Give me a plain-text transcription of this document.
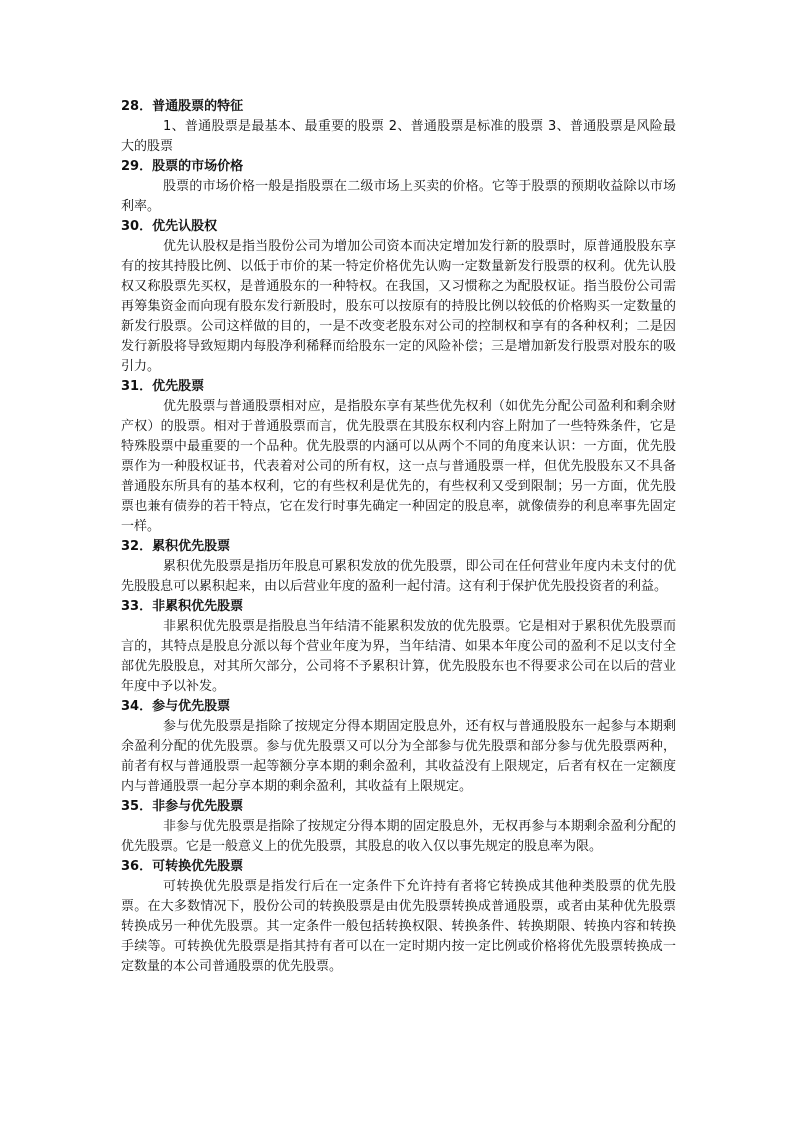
28．普通股票的特征

1、普通股票是最基本、最重要的股票 2、普通股票是标准的股票 3、普通股票是风险最大的股票

29．股票的市场价格

股票的市场价格一般是指股票在二级市场上买卖的价格。它等于股票的预期收益除以市场利率。

30．优先认股权

优先认股权是指当股份公司为增加公司资本而决定增加发行新的股票时，原普通股股东享有的按其持股比例、以低于市价的某一特定价格优先认购一定数量新发行股票的权利。优先认股权又称股票先买权，是普通股东的一种特权。在我国，又习惯称之为配股权证。指当股份公司需再筹集资金而向现有股东发行新股时，股东可以按原有的持股比例以较低的价格购买一定数量的新发行股票。公司这样做的目的，一是不改变老股东对公司的控制权和享有的各种权利；二是因发行新股将导致短期内每股净利稀释而给股东一定的风险补偿；三是增加新发行股票对股东的吸引力。

31．优先股票

优先股票与普通股票相对应，是指股东享有某些优先权利（如优先分配公司盈利和剩余财产权）的股票。相对于普通股票而言，优先股票在其股东权利内容上附加了一些特殊条件，它是特殊股票中最重要的一个品种。优先股票的内涵可以从两个不同的角度来认识：一方面，优先股票作为一种股权证书，代表着对公司的所有权，这一点与普通股票一样，但优先股股东又不具备普通股东所具有的基本权利，它的有些权利是优先的，有些权利又受到限制；另一方面，优先股票也兼有债券的若干特点，它在发行时事先确定一种固定的股息率，就像债券的利息率事先固定一样。

32．累积优先股票

累积优先股票是指历年股息可累积发放的优先股票，即公司在任何营业年度内未支付的优先股股息可以累积起来，由以后营业年度的盈利一起付清。这有利于保护优先股投资者的利益。

33．非累积优先股票

非累积优先股票是指股息当年结清不能累积发放的优先股票。它是相对于累积优先股票而言的，其特点是股息分派以每个营业年度为界，当年结清、如果本年度公司的盈利不足以支付全部优先股股息，对其所欠部分，公司将不予累积计算，优先股股东也不得要求公司在以后的营业年度中予以补发。

34．参与优先股票

参与优先股票是指除了按规定分得本期固定股息外，还有权与普通股股东一起参与本期剩余盈利分配的优先股票。参与优先股票又可以分为全部参与优先股票和部分参与优先股票两种，前者有权与普通股票一起等额分享本期的剩余盈利，其收益没有上限规定，后者有权在一定额度内与普通股票一起分享本期的剩余盈利，其收益有上限规定。

35．非参与优先股票

非参与优先股票是指除了按规定分得本期的固定股息外，无权再参与本期剩余盈利分配的优先股票。它是一般意义上的优先股票，其股息的收入仅以事先规定的股息率为限。

36．可转换优先股票

可转换优先股票是指发行后在一定条件下允许持有者将它转换成其他种类股票的优先股票。在大多数情况下，股份公司的转换股票是由优先股票转换成普通股票，或者由某种优先股票转换成另一种优先股票。其一定条件一般包括转换权限、转换条件、转换期限、转换内容和转换手续等。可转换优先股票是指其持有者可以在一定时期内按一定比例或价格将优先股票转换成一定数量的本公司普通股票的优先股票。
